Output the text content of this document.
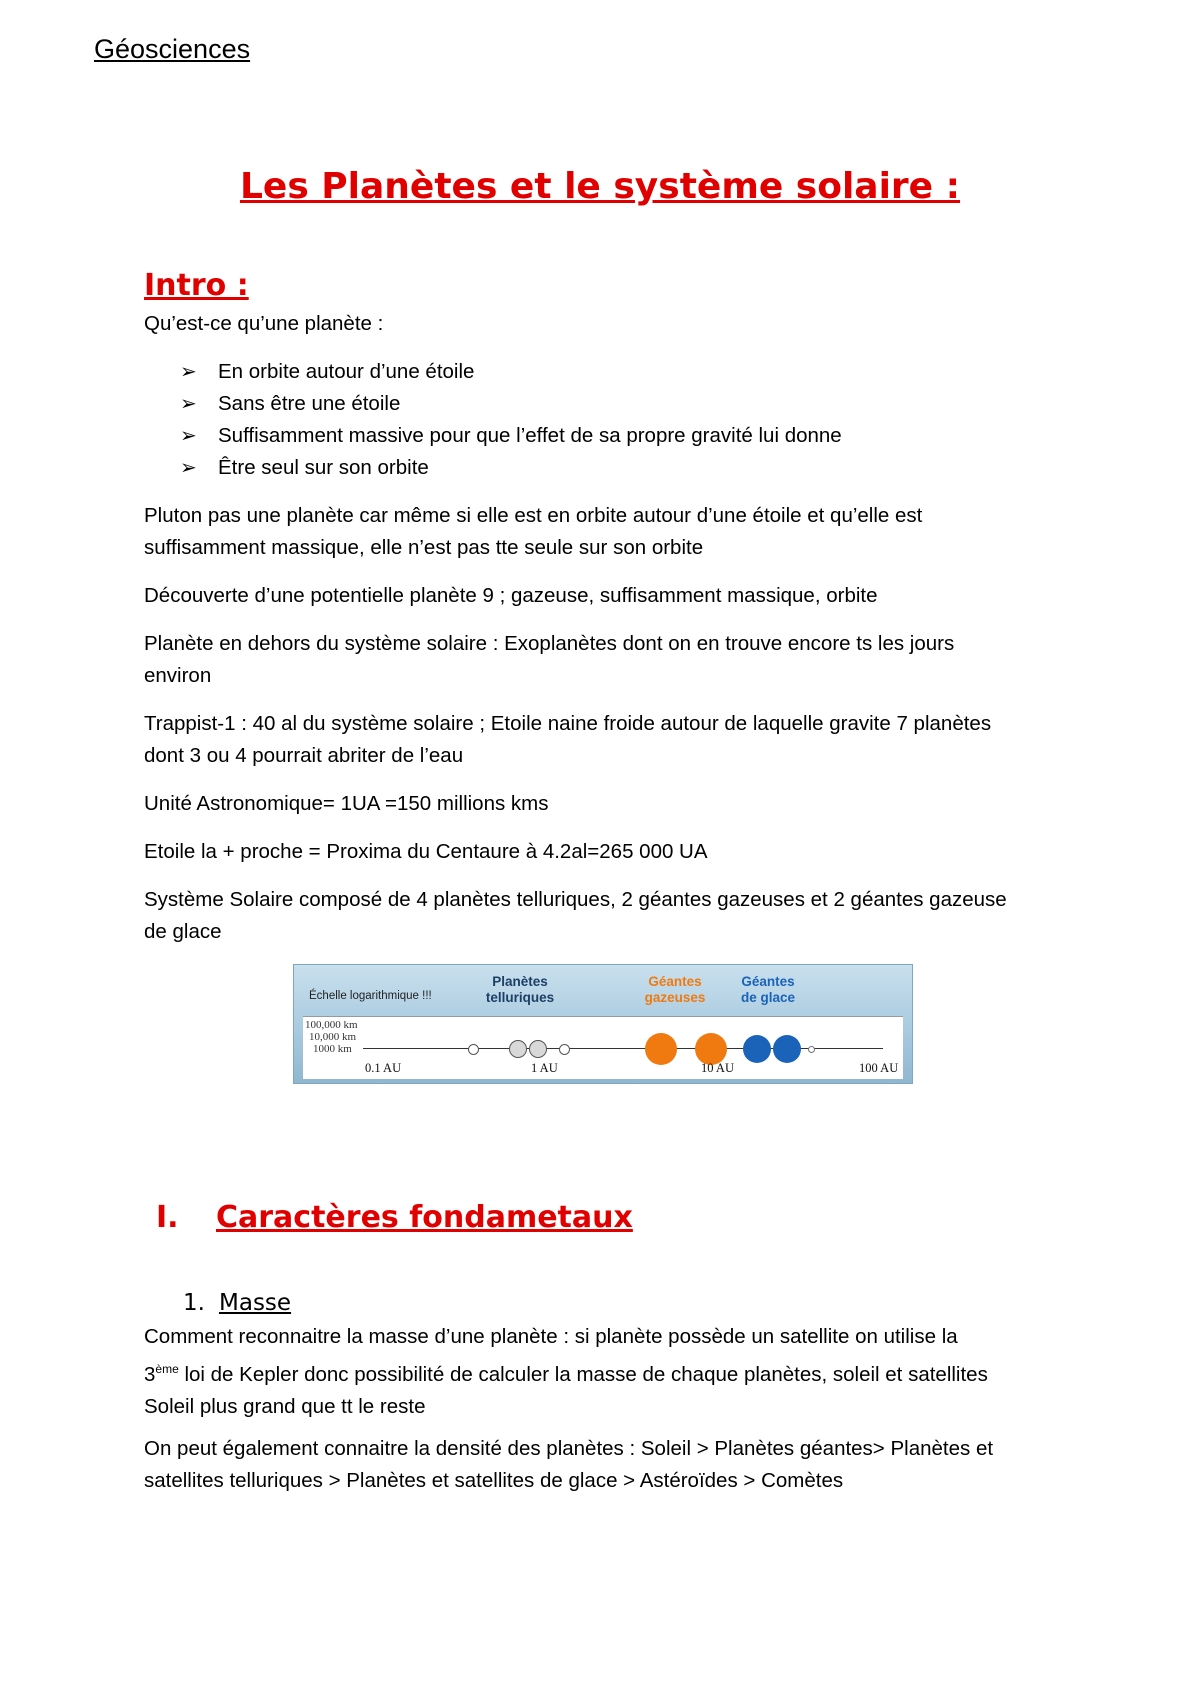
Géosciences
Les Planètes et le système solaire :
Intro :
Qu’est-ce qu’une planète :
➢ En orbite autour d’une étoile
➢ Sans être une étoile
➢ Suffisamment massive pour que l’effet de sa propre gravité lui donne
➢ Être seul sur son orbite
Pluton pas une planète car même si elle est en orbite autour d’une étoile et qu’elle est
suffisamment massique, elle n’est pas tte seule sur son orbite
Découverte d’une potentielle planète 9 ; gazeuse, suffisamment massique, orbite
Planète en dehors du système solaire : Exoplanètes dont on en trouve encore ts les jours
environ
Trappist-1 : 40 al du système solaire ; Etoile naine froide autour de laquelle gravite 7 planètes
dont 3 ou 4 pourrait abriter de l’eau
Unité Astronomique= 1UA =150 millions kms
Etoile la + proche = Proxima du Centaure à 4.2al=265 000 UA
Système Solaire composé de 4 planètes telluriques, 2 géantes gazeuses et 2 géantes gazeuse
de glace
Échelle logarithmique !!!
Planètes telluriques
Géantes gazeuses
Géantes de glace
100,000 km
10,000 km
1000 km
0.1 AU	1 AU	10 AU	100 AU
I. Caractères fondametaux
1. Masse
Comment reconnaitre la masse d’une planète : si planète possède un satellite on utilise la
3ème loi de Kepler donc possibilité de calculer la masse de chaque planètes, soleil et satellites
Soleil plus grand que tt le reste
On peut également connaitre la densité des planètes : Soleil > Planètes géantes> Planètes et
satellites telluriques > Planètes et satellites de glace > Astéroïdes > Comètes
